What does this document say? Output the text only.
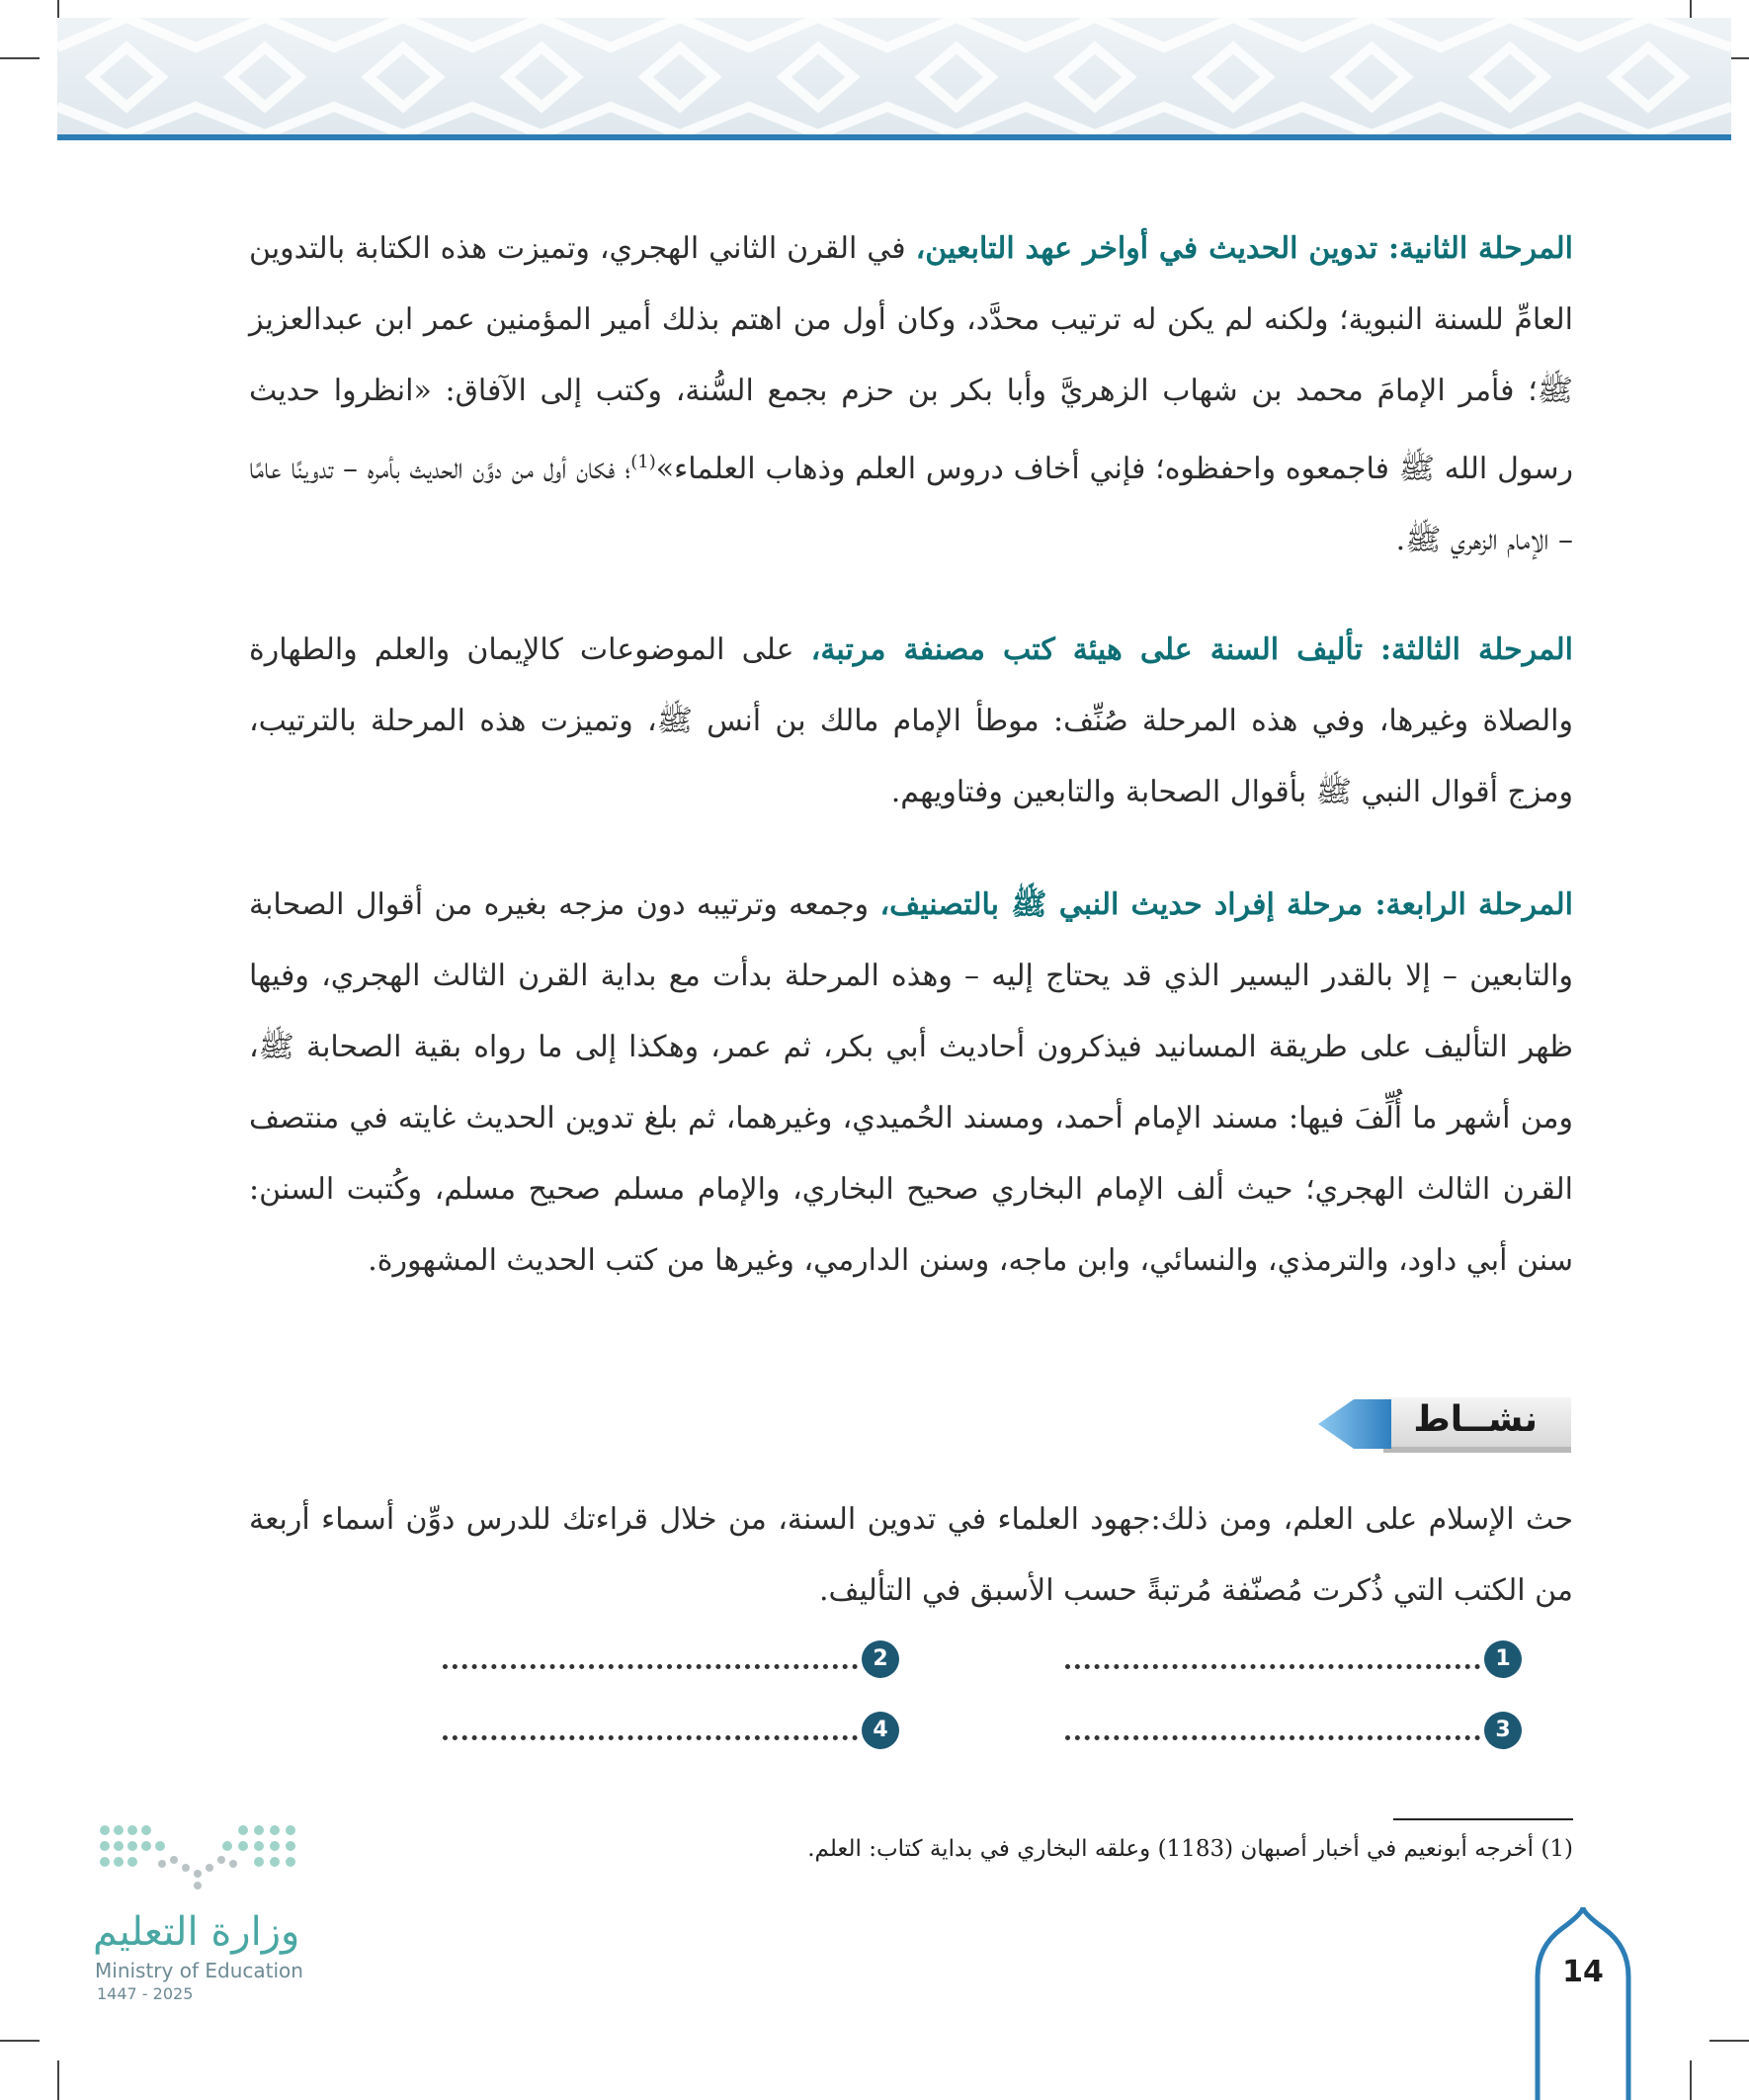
المرحلة الثانية: تدوين الحديث في أواخر عهد التابعين، في القرن الثاني الهجري، وتميزت هذه الكتابة بالتدوين العامِّ للسنة النبوية؛ ولكنه لم يكن له ترتيب محدَّد، وكان أول من اهتم بذلك أمير المؤمنين عمر ابن عبدالعزيز ﷺ؛ فأمر الإمامَ محمد بن شهاب الزهريَّ وأبا بكر بن حزم بجمع السُّنة، وكتب إلى الآفاق: «انظروا حديث رسول الله ﷺ فاجمعوه واحفظوه؛ فإني أخاف دروس العلم وذهاب العلماء»$^{(1)}$؛ فكان أول من دوَّن الحديث بأمره – تدوينًا عامًا – الإمام الزهري ﷺ.
المرحلة الثالثة: تأليف السنة على هيئة كتب مصنفة مرتبة، على الموضوعات كالإيمان والعلم والطهارة والصلاة وغيرها، وفي هذه المرحلة صُنِّف: موطأ الإمام مالك بن أنس ﷺ، وتميزت هذه المرحلة بالترتيب، ومزج أقوال النبي ﷺ بأقوال الصحابة والتابعين وفتاويهم.
المرحلة الرابعة: مرحلة إفراد حديث النبي ﷺ بالتصنيف، وجمعه وترتيبه دون مزجه بغيره من أقوال الصحابة والتابعين – إلا بالقدر اليسير الذي قد يحتاج إليه – وهذه المرحلة بدأت مع بداية القرن الثالث الهجري، وفيها ظهر التأليف على طريقة المسانيد فيذكرون أحاديث أبي بكر، ثم عمر، وهكذا إلى ما رواه بقية الصحابة ﷺ، ومن أشهر ما أُلِّفَ فيها: مسند الإمام أحمد، ومسند الحُميدي، وغيرهما، ثم بلغ تدوين الحديث غايته في منتصف القرن الثالث الهجري؛ حيث ألف الإمام البخاري صحيح البخاري، والإمام مسلم صحيح مسلم، وكُتبت السنن: سنن أبي داود، والترمذي، والنسائي، وابن ماجه، وسنن الدارمي، وغيرها من كتب الحديث المشهورة.
نشــاط
حث الإسلام على العلم، ومن ذلك:جهود العلماء في تدوين السنة، من خلال قراءتك للدرس دوِّن أسماء أربعة من الكتب التي ذُكرت مُصنّفة مُرتبةً حسب الأسبق في التأليف.
1
2
3
4
(1) أخرجه أبونعيم في أخبار أصبهان (1183) وعلقه البخاري في بداية كتاب: العلم.
وزارة التعليم
Ministry of Education
2025 - 1447
14
